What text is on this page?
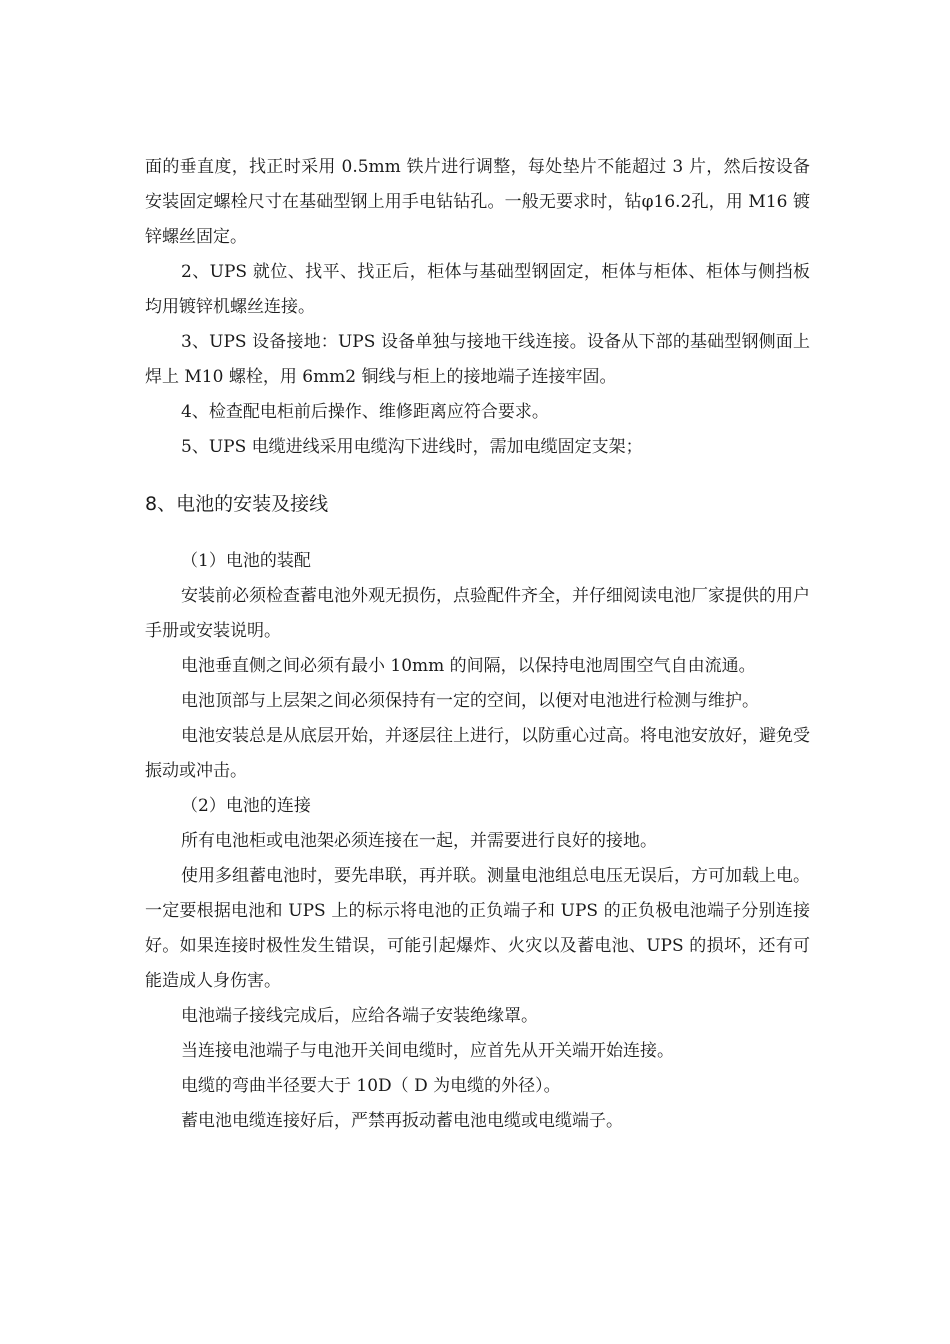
面的垂直度，找正时采用 0.5mm 铁片进行调整，每处垫片不能超过 3 片，然后按设备安装固定螺栓尺寸在基础型钢上用手电钻钻孔。一般无要求时，钻φ16.2孔，用 M16 镀锌螺丝固定。

2、UPS 就位、找平、找正后，柜体与基础型钢固定，柜体与柜体、柜体与侧挡板均用镀锌机螺丝连接。

3、UPS 设备接地：UPS 设备单独与接地干线连接。设备从下部的基础型钢侧面上焊上 M10 螺栓，用 6mm2 铜线与柜上的接地端子连接牢固。

4、检查配电柜前后操作、维修距离应符合要求。

5、UPS 电缆进线采用电缆沟下进线时，需加电缆固定支架；

8、电池的安装及接线

（1）电池的装配

安装前必须检查蓄电池外观无损伤，点验配件齐全，并仔细阅读电池厂家提供的用户手册或安装说明。

电池垂直侧之间必须有最小 10mm 的间隔，以保持电池周围空气自由流通。

电池顶部与上层架之间必须保持有一定的空间，以便对电池进行检测与维护。

电池安装总是从底层开始，并逐层往上进行，以防重心过高。将电池安放好，避免受振动或冲击。

（2）电池的连接

所有电池柜或电池架必须连接在一起，并需要进行良好的接地。

使用多组蓄电池时，要先串联，再并联。测量电池组总电压无误后，方可加载上电。一定要根据电池和 UPS 上的标示将电池的正负端子和 UPS 的正负极电池端子分别连接好。如果连接时极性发生错误，可能引起爆炸、火灾以及蓄电池、UPS 的损坏，还有可能造成人身伤害。

电池端子接线完成后，应给各端子安装绝缘罩。

当连接电池端子与电池开关间电缆时，应首先从开关端开始连接。

电缆的弯曲半径要大于 10D（ D 为电缆的外径）。

蓄电池电缆连接好后，严禁再扳动蓄电池电缆或电缆端子。
